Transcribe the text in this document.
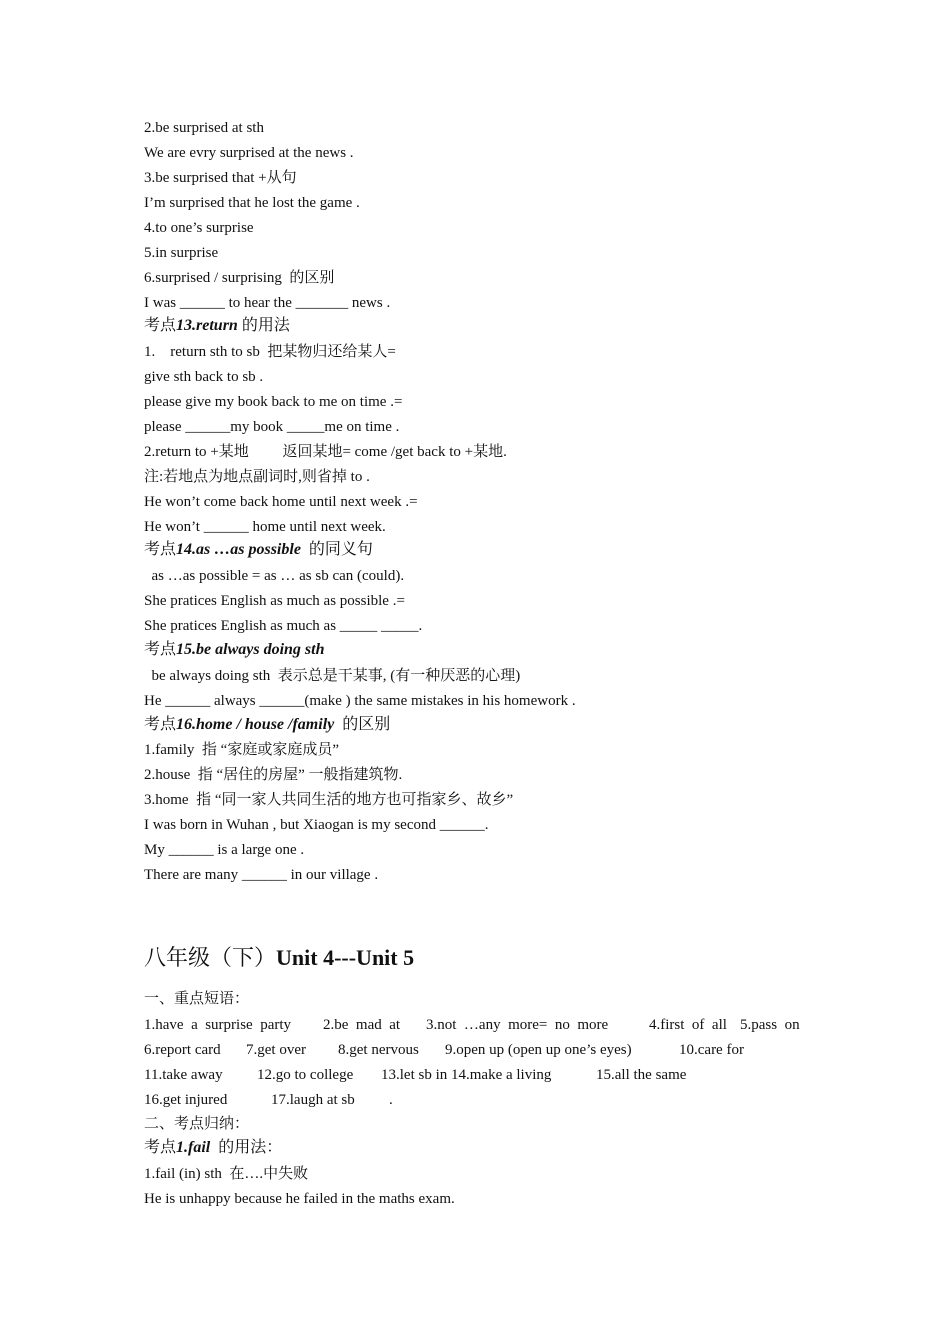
2.be surprised at sth

We are evry surprised at the news .

3.be surprised that +从句

I’m surprised that he lost the game .

4.to one’s surprise

5.in surprise

6.surprised / surprising  的区别

I was ______ to hear the _______ news .

考点13.return 的用法

1.    return sth to sb  把某物归还给某人=

give sth back to sb .

please give my book back to me on time .=

please ______my book _____me on time .

2.return to +某地         返回某地= come /get back to +某地.

注:若地点为地点副词时,则省掉 to .

He won’t come back home until next week .=

He won’t ______ home until next week.

考点14.as …as possible  的同义句

as …as possible = as … as sb can (could).

She pratices English as much as possible .=

She pratices English as much as _____ _____.

考点15.be always doing sth

be always doing sth  表示总是干某事, (有一种厌恶的心理)

He ______ always ______(make ) the same mistakes in his homework .

考点16.home / house /family  的区别

1.family  指 “家庭或家庭成员”

2.house  指 “居住的房屋” 一般指建筑物.

3.home  指 “同一家人共同生活的地方也可指家乡、故乡”

I was born in Wuhan , but Xiaogan is my second ______.

My ______ is a large one .

There are many ______ in our village .

八年级（下）Unit 4---Unit 5

一、重点短语：

1.have  a  surprise  party 2.be  mad  at 3.not  …any  more=  no  more	4.first  of  all 5.pass  on
6.report card 7.get over 8.get nervous 9.open up (open up one’s eyes)	10.care for
11.take away 12.go to college 13.let sb in 14.make a living	15.all the same
16.get injured	17.laugh at sb .

二、考点归纳：

考点1.fail  的用法：

1.fail (in) sth  在….中失败

He is unhappy because he failed in the maths exam.
